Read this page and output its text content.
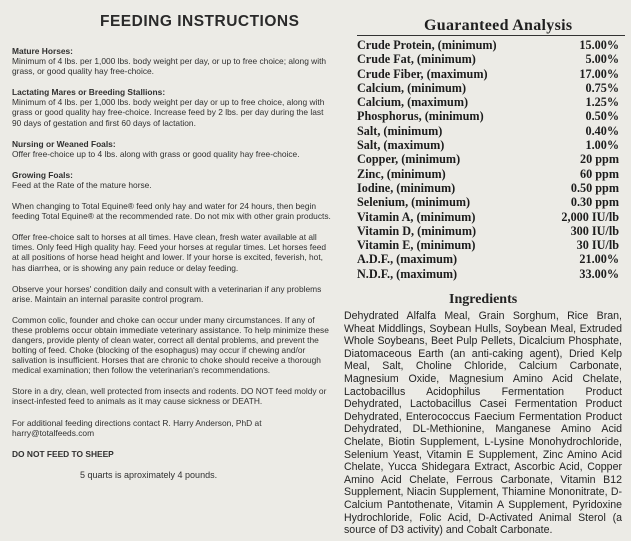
FEEDING INSTRUCTIONS

Mature Horses:
Minimum of 4 lbs. per 1,000 lbs. body weight per day, or up to free choice; along with grass, or good quality hay free-choice.

Lactating Mares or Breeding Stallions:
Minimum of 4 lbs. per 1,000 lbs. body weight per day or up to free choice, along with grass or good quality hay free-choice. Increase feed by 2 lbs. per day during the last 90 days of gestation and first 60 days of lactation.

Nursing or Weaned Foals:
Offer free-choice up to 4 lbs. along with grass or good quality hay free-choice.

Growing Foals:
Feed at the Rate of the mature horse.

When changing to Total Equine® feed only hay and water for 24 hours, then begin feeding Total Equine® at the recommended rate. Do not mix with other grain products.

Offer free-choice salt to horses at all times. Have clean, fresh water available at all times. Only feed High quality hay. Feed your horses at regular times. Let horses feed at all positions of horse head height and lower. If your horse is excited, feverish, hot, has diarrhea, or is showing any pain reduce or delay feeding.

Observe your horses' condition daily and consult with a veterinarian if any problems arise. Maintain an internal parasite control program.

Common colic, founder and choke can occur under many circumstances. If any of these problems occur obtain immediate veterinary assistance. To help minimize these dangers, provide plenty of clean water, correct all dental problems, and prevent the bolting of feed. Choke (blocking of the esophagus) may occur if chewing and/or salivation is insufficient. Horses that are chronic to choke should receive a thorough medical examination; then follow the veterinarian's recommendations.

Store in a dry, clean, well protected from insects and rodents. DO NOT feed moldy or insect-infested feed to animals as it may cause sickness or DEATH.

For additional feeding directions contact R. Harry Anderson, PhD at harry@totalfeeds.com

DO NOT FEED TO SHEEP

5 quarts is aproximately 4 pounds.

Guaranteed Analysis
Crude Protein, (minimum)	15.00%
Crude Fat, (minimum)	5.00%
Crude Fiber, (maximum)	17.00%
Calcium, (minimum)	0.75%
Calcium, (maximum)	1.25%
Phosphorus, (minimum)	0.50%
Salt, (minimum)	0.40%
Salt, (maximum)	1.00%
Copper, (minimum)	20 ppm
Zinc, (minimum)	60 ppm
Iodine, (minimum)	0.50 ppm
Selenium, (minimum)	0.30 ppm
Vitamin A, (minimum)	2,000 IU/lb
Vitamin D, (minimum)	300 IU/lb
Vitamin E, (minimum)	30 IU/lb
A.D.F., (maximum)	21.00%
N.D.F., (maximum)	33.00%
Ingredients
Dehydrated Alfalfa Meal, Grain Sorghum, Rice Bran, Wheat Middlings, Soybean Hulls, Soybean Meal, Extruded Whole Soybeans, Beet Pulp Pellets, Dicalcium Phosphate, Diatomaceous Earth (an anti-caking agent), Dried Kelp Meal, Salt, Choline Chloride, Calcium Carbonate, Magnesium Oxide, Magnesium Amino Acid Chelate, Lactobacillus Acidophilus Fermentation Product Dehydrated, Lactobacillus Casei Fermentation Product Dehydrated, Enterococcus Faecium Fermentation Product Dehydrated, DL-Methionine, Manganese Amino Acid Chelate, Biotin Supplement, L-Lysine Monohydrochloride, Selenium Yeast, Vitamin E Supplement, Zinc Amino Acid Chelate, Yucca Shidegara Extract, Ascorbic Acid, Copper Amino Acid Chelate, Ferrous Carbonate, Vitamin B12 Supplement, Niacin Supplement, Thiamine Mononitrate, D-Calcium Pantothenate, Vitamin A Supplement, Pyridoxine Hydrochloride, Folic Acid, D-Activated Animal Sterol (a source of D3 activity) and Cobalt Carbonate.
